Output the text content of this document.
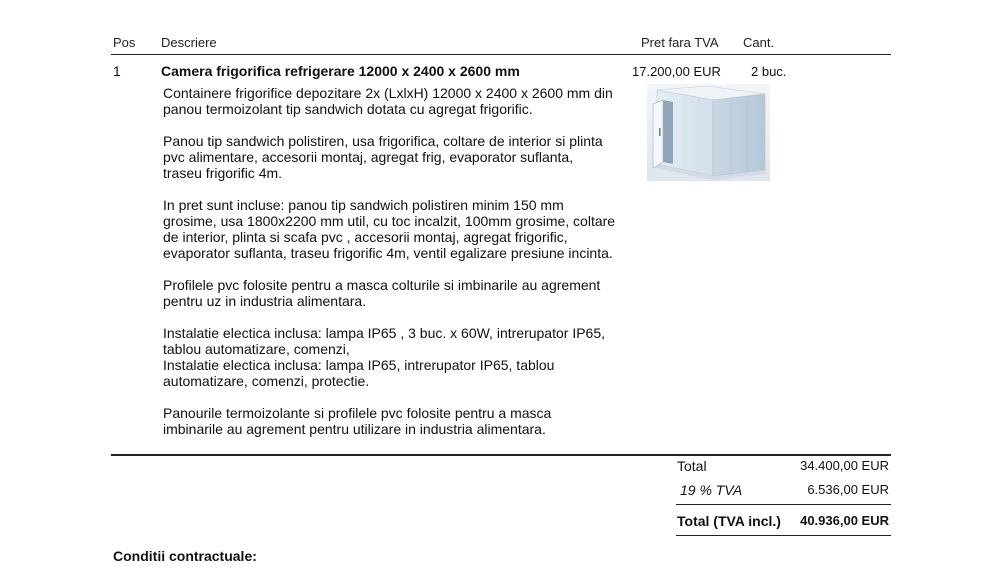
Pos Descriere	Pret fara TVA Cant.
1	Camera frigorifica refrigerare 12000 x 2400 x 2600 mm	17.200,00 EUR 2 buc.

Containere frigorifice depozitare 2x (LxlxH) 12000 x 2400 x 2600 mm din
panou termoizolant tip sandwich dotata cu agregat frigorific.

Panou tip sandwich polistiren, usa frigorifica, coltare de interior si plinta
pvc alimentare, accesorii montaj, agregat frig, evaporator suflanta,
traseu frigorific 4m.

In pret sunt incluse: panou tip sandwich polistiren minim 150 mm
grosime, usa 1800x2200 mm util, cu toc incalzit, 100mm grosime, coltare
de interior, plinta si scafa pvc , accesorii montaj, agregat frigorific,
evaporator suflanta, traseu frigorific 4m, ventil egalizare presiune incinta.

Profilele pvc folosite pentru a masca colturile si imbinarile au agrement
pentru uz in industria alimentara.

Instalatie electica inclusa: lampa IP65 , 3 buc. x 60W, intrerupator IP65,
tablou automatizare, comenzi,
Instalatie electica inclusa: lampa IP65, intrerupator IP65, tablou
automatizare, comenzi, protectie.

Panourile termoizolante si profilele pvc folosite pentru a masca
imbinarile au agrement pentru utilizare in industria alimentara.

Total	34.400,00 EUR
19 % TVA	6.536,00 EUR
Total (TVA incl.)	40.936,00 EUR
Conditii contractuale:
